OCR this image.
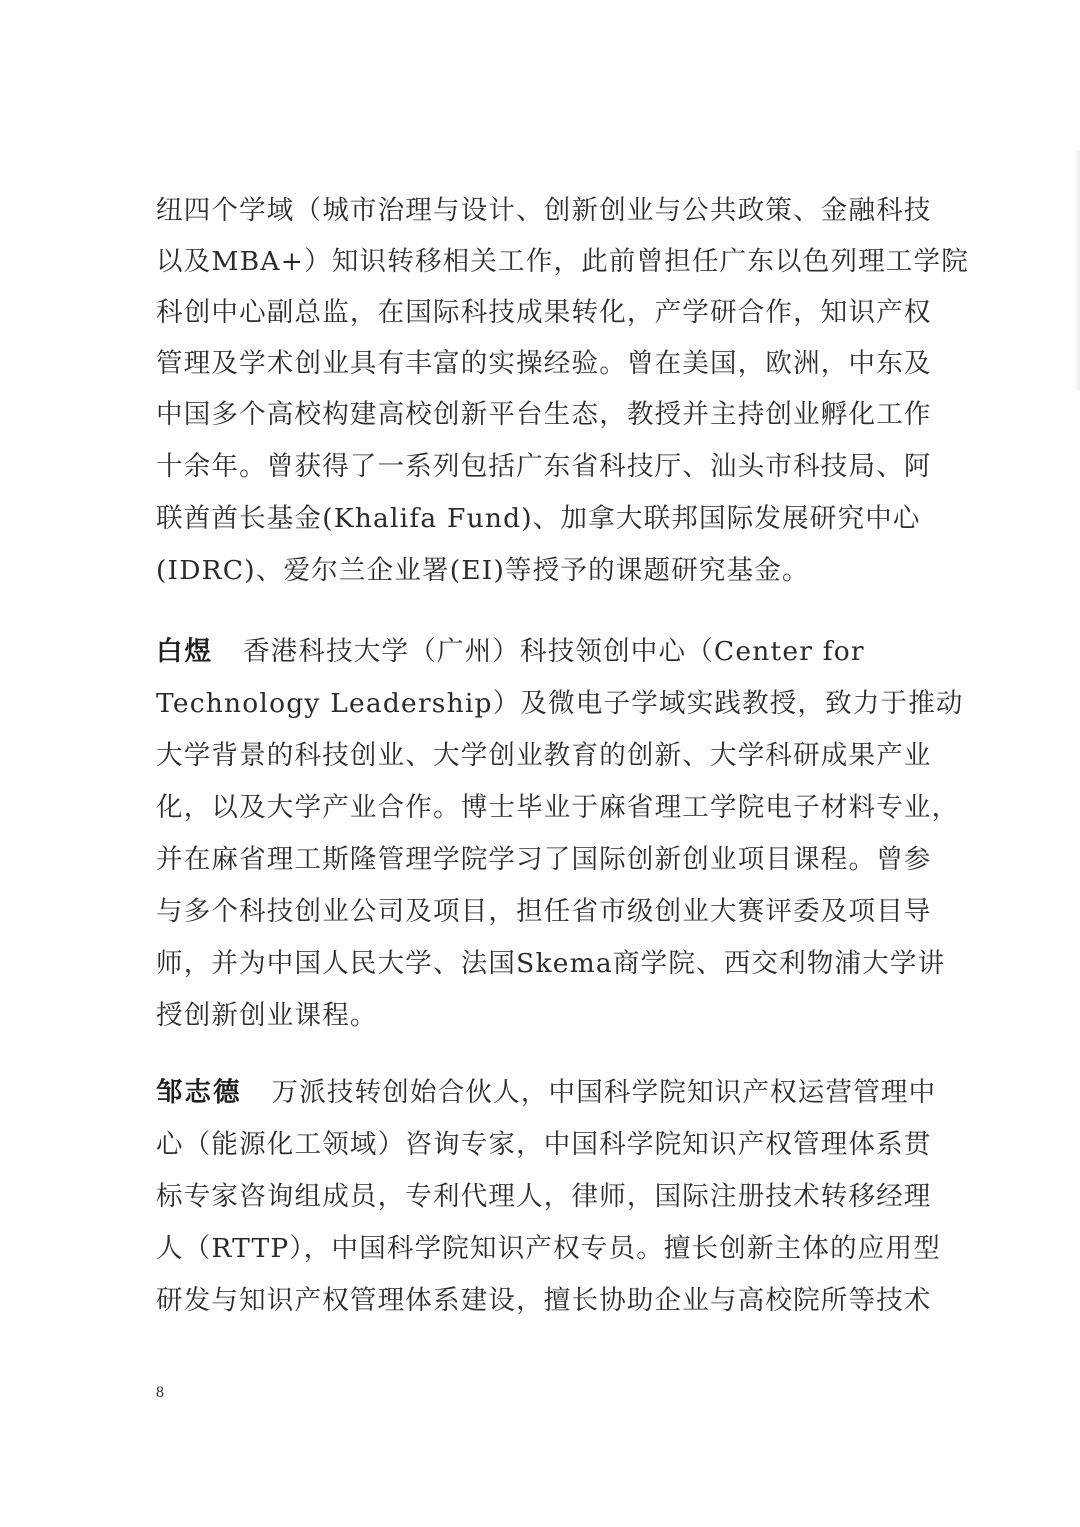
纽四个学域（城市治理与设计、创新创业与公共政策、金融科技
以及MBA+）知识转移相关工作，此前曾担任广东以色列理工学院
科创中心副总监，在国际科技成果转化，产学研合作，知识产权
管理及学术创业具有丰富的实操经验。曾在美国，欧洲，中东及
中国多个高校构建高校创新平台生态，教授并主持创业孵化工作
十余年。曾获得了一系列包括广东省科技厅、汕头市科技局、阿
联酋酋长基金(Khalifa Fund)、加拿大联邦国际发展研究中心
(IDRC)、爱尔兰企业署(EI)等授予的课题研究基金。
白煜 香港科技大学（广州）科技领创中心（Center for
Technology Leadership）及微电子学域实践教授，致力于推动
大学背景的科技创业、大学创业教育的创新、大学科研成果产业
化，以及大学产业合作。博士毕业于麻省理工学院电子材料专业，
并在麻省理工斯隆管理学院学习了国际创新创业项目课程。曾参
与多个科技创业公司及项目，担任省市级创业大赛评委及项目导
师，并为中国人民大学、法国Skema商学院、西交利物浦大学讲
授创新创业课程。
邹志德 万派技转创始合伙人，中国科学院知识产权运营管理中
心（能源化工领域）咨询专家，中国科学院知识产权管理体系贯
标专家咨询组成员，专利代理人，律师，国际注册技术转移经理
人（RTTP），中国科学院知识产权专员。擅长创新主体的应用型
研发与知识产权管理体系建设，擅长协助企业与高校院所等技术
8
